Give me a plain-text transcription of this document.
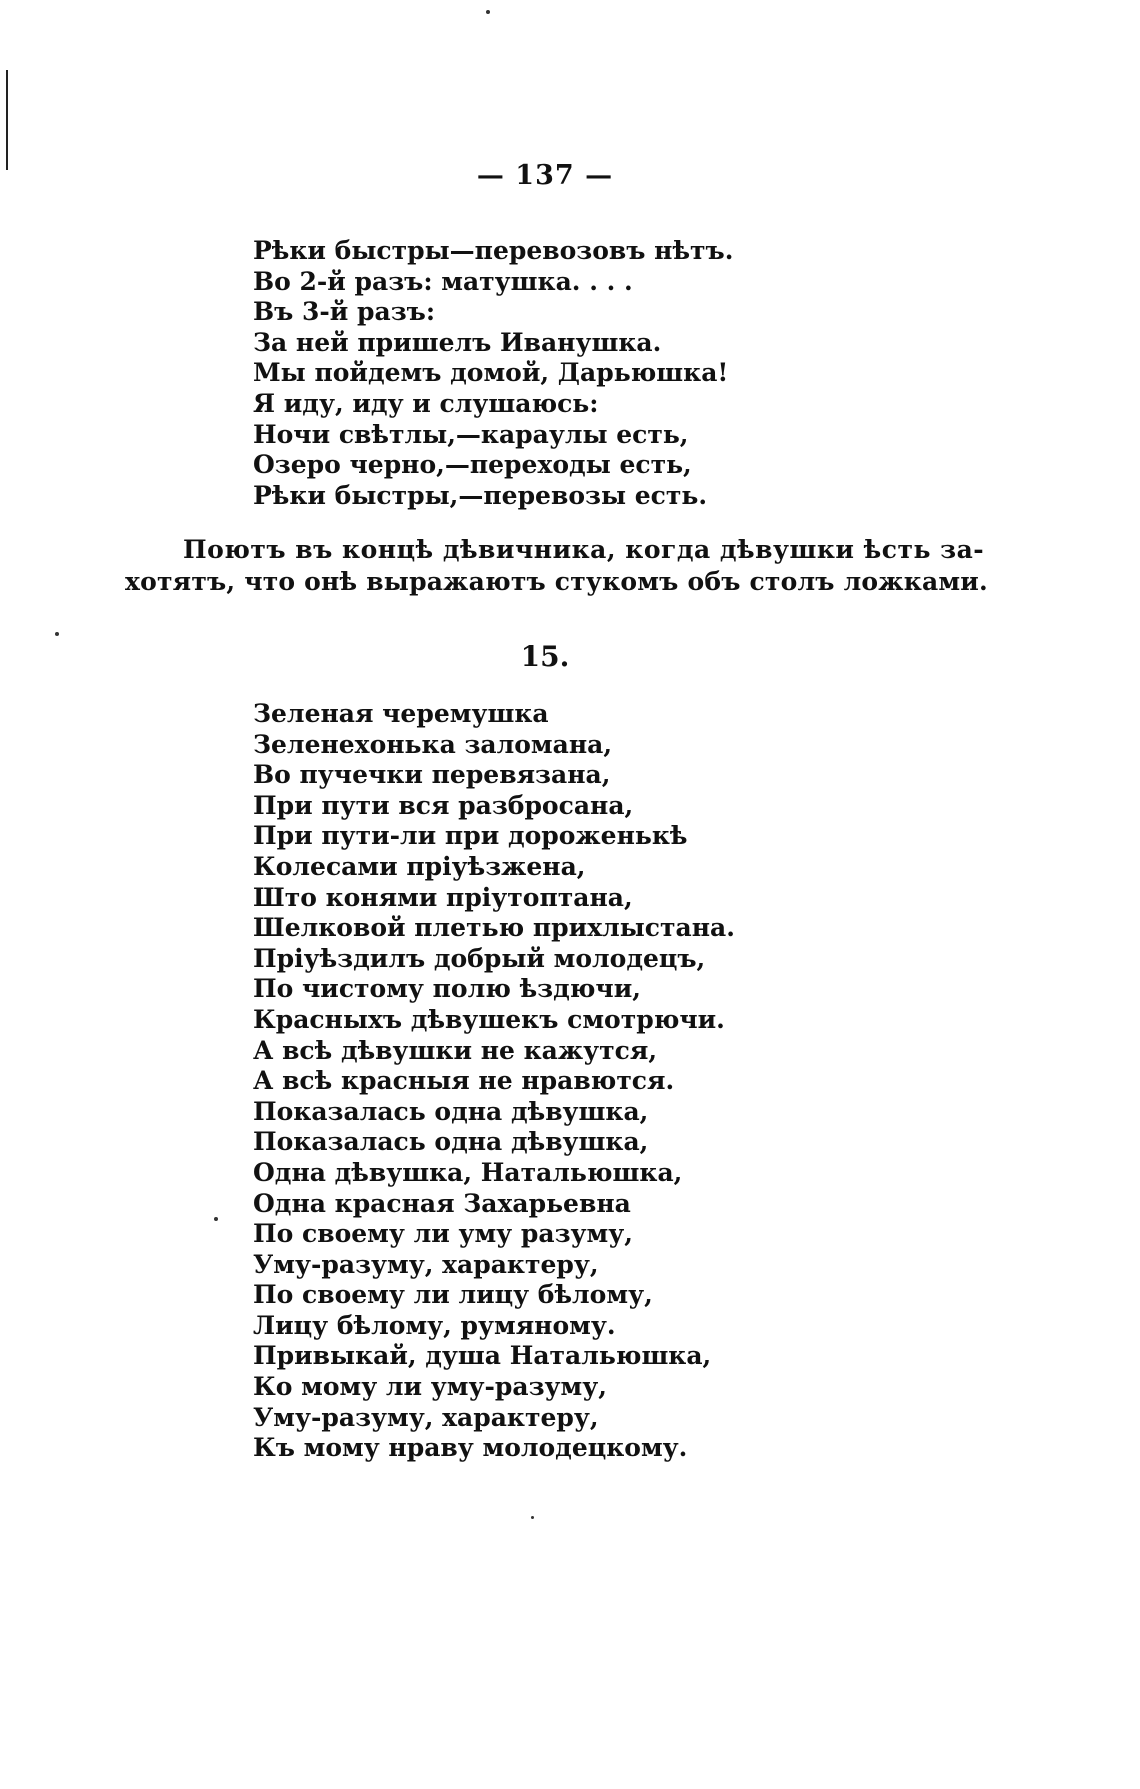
— 137 —
Рѣки быстры—перевозовъ нѣтъ.
Во 2-й разъ: матушка. . . .
Въ 3-й разъ:
За ней пришелъ Иванушка.
Мы пойдемъ домой, Дарьюшка!
Я иду, иду и слушаюсь:
Ночи свѣтлы,—караулы есть,
Озеро черно,—переходы есть,
Рѣки быстры,—перевозы есть.

Поютъ въ концѣ дѣвичника, когда дѣвушки ѣсть за-

хотятъ, что онѣ выражаютъ стукомъ объ столъ ложками.

15.
Зеленая черемушка
Зеленехонька заломана,
Во пучечки перевязана,
При пути вся разбросана,
При пути-ли при дороженькѣ
Колесами пріуѣзжена,
Што конями пріутоптана,
Шелковой плетью прихлыстана.
Пріуѣздилъ добрый молодецъ,
По чистому полю ѣздючи,
Красныхъ дѣвушекъ смотрючи.
А всѣ дѣвушки не кажутся,
А всѣ красныя не нравются.
Показалась одна дѣвушка,
Показалась одна дѣвушка,
Одна дѣвушка, Натальюшка,
Одна красная Захарьевна
По своему ли уму разуму,
Уму-разуму, характеру,
По своему ли лицу бѣлому,
Лицу бѣлому, румяному.
Привыкай, душа Натальюшка,
Ко мому ли уму-разуму,
Уму-разуму, характеру,
Къ мому нраву молодецкому.
